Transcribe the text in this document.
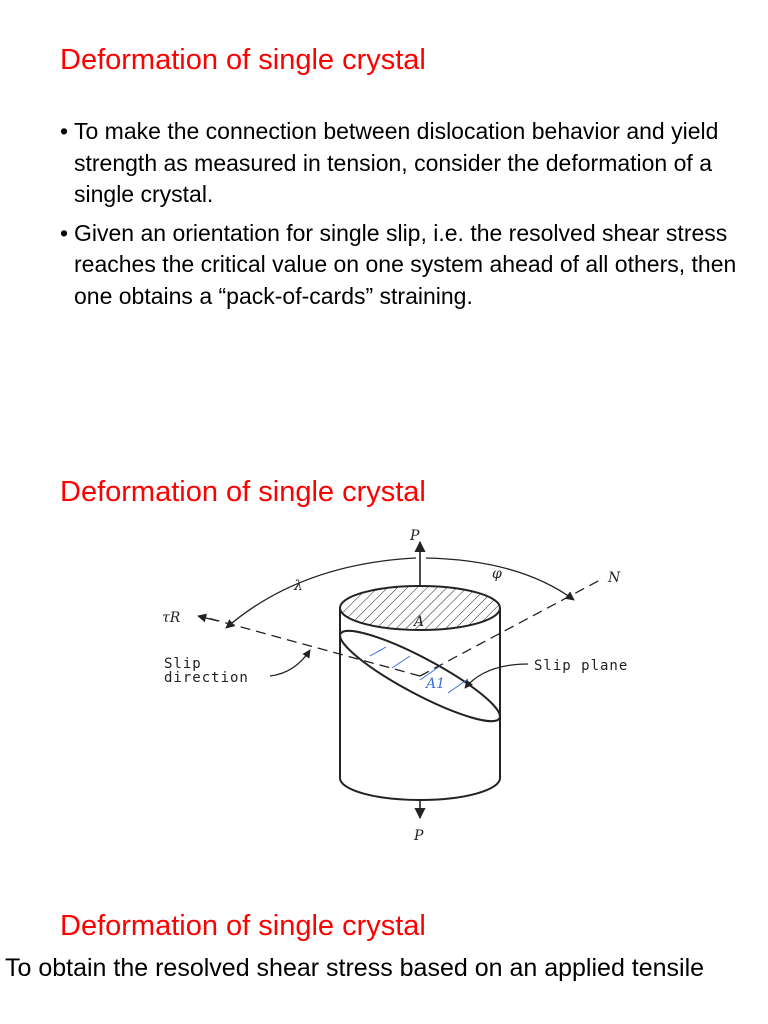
Deformation of single crystal
• To make the connection between dislocation behavior and yield strength as measured in tension, consider the deformation of a single crystal.
• Given an orientation for single slip, i.e. the resolved shear stress reaches the critical value on one system ahead of all others, then one obtains a “pack-of-cards” straining.
Deformation of single crystal
P
P
φ	N
λ
τR	A
A1
Slip
direction
Slip plane
Deformation of single crystal

To obtain the resolved shear stress based on an applied tensile
